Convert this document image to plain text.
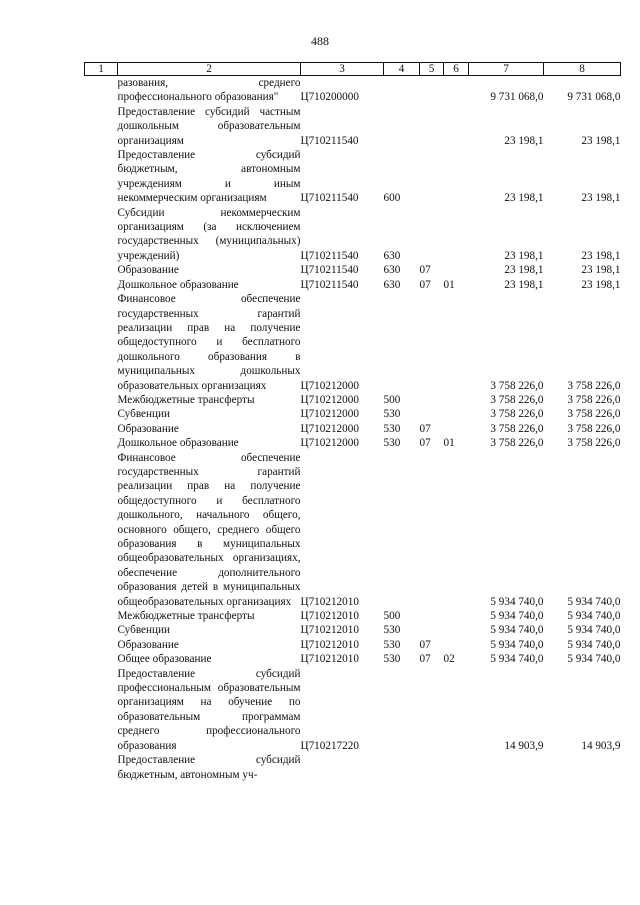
488
1	2	3	4	5	6	7	8
	разования, среднего профессионального образования"	Ц710200000				9 731 068,0	9 731 068,0
	Предоставление субсидий частным дошкольным образовательным организациям	Ц710211540				23 198,1	23 198,1
	Предоставление субсидий бюджетным, автономным учреждениям и иным некоммерческим организациям	Ц710211540	600			23 198,1	23 198,1
	Субсидии некоммерческим организациям (за исключением государственных (муниципальных) учреждений)	Ц710211540	630			23 198,1	23 198,1
	Образование	Ц710211540	630	07		23 198,1	23 198,1
	Дошкольное образование	Ц710211540	630	07	01	23 198,1	23 198,1
	Финансовое обеспечение государственных гарантий реализации прав на получение общедоступного и бесплатного дошкольного образования в муниципальных дошкольных образовательных организациях	Ц710212000				3 758 226,0	3 758 226,0
	Межбюджетные трансферты	Ц710212000	500			3 758 226,0	3 758 226,0
	Субвенции	Ц710212000	530			3 758 226,0	3 758 226,0
	Образование	Ц710212000	530	07		3 758 226,0	3 758 226,0
	Дошкольное образование	Ц710212000	530	07	01	3 758 226,0	3 758 226,0
	Финансовое обеспечение государственных гарантий реализации прав на получение общедоступного и бесплатного дошкольного, начального общего, основного общего, среднего общего образования в муниципальных общеобразовательных организациях, обеспечение дополнительного образования детей в муниципальных общеобразовательных организациях	Ц710212010				5 934 740,0	5 934 740,0
	Межбюджетные трансферты	Ц710212010	500			5 934 740,0	5 934 740,0
	Субвенции	Ц710212010	530			5 934 740,0	5 934 740,0
	Образование	Ц710212010	530	07		5 934 740,0	5 934 740,0
	Общее образование	Ц710212010	530	07	02	5 934 740,0	5 934 740,0
	Предоставление субсидий профессиональным образовательным организациям на обучение по образовательным программам среднего профессионального образования	Ц710217220				14 903,9	14 903,9
	Предоставление субсидий бюджетным, автономным уч-						
